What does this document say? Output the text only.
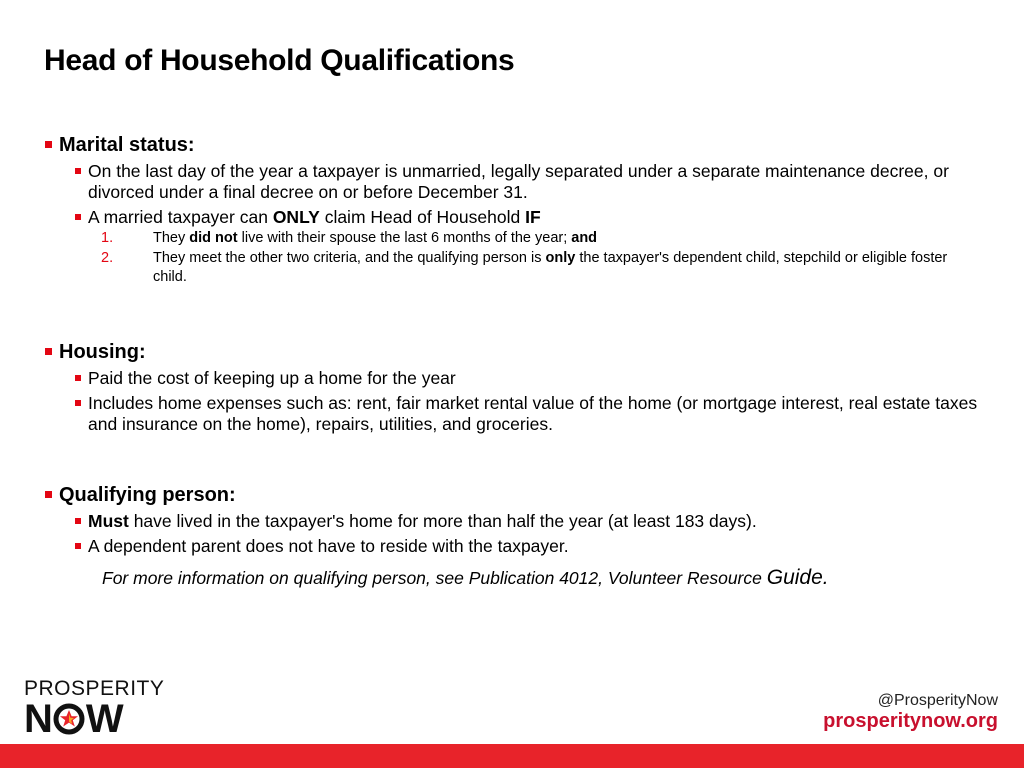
Head of Household Qualifications
Marital status:
On the last day of the year a taxpayer is unmarried, legally separated under a separate maintenance decree, or divorced under a final decree on or before December 31.
A married taxpayer can ONLY claim Head of Household IF
1.	They did not live with their spouse the last 6 months of the year; and
2.	They meet the other two criteria, and the qualifying person is only the taxpayer's dependent child, stepchild or eligible foster child.
Housing:
Paid the cost of keeping up a home for the year
Includes home expenses such as: rent, fair market rental value of the home (or mortgage interest, real estate taxes and insurance on the home), repairs, utilities, and groceries.
Qualifying person:
Must have lived in the taxpayer's home for more than half the year (at least 183 days).
A dependent parent does not have to reside with the taxpayer.
For more information on qualifying person, see Publication 4012, Volunteer Resource Guide.
PROSPERITY
N W	@ProsperityNow
prosperitynow.org
